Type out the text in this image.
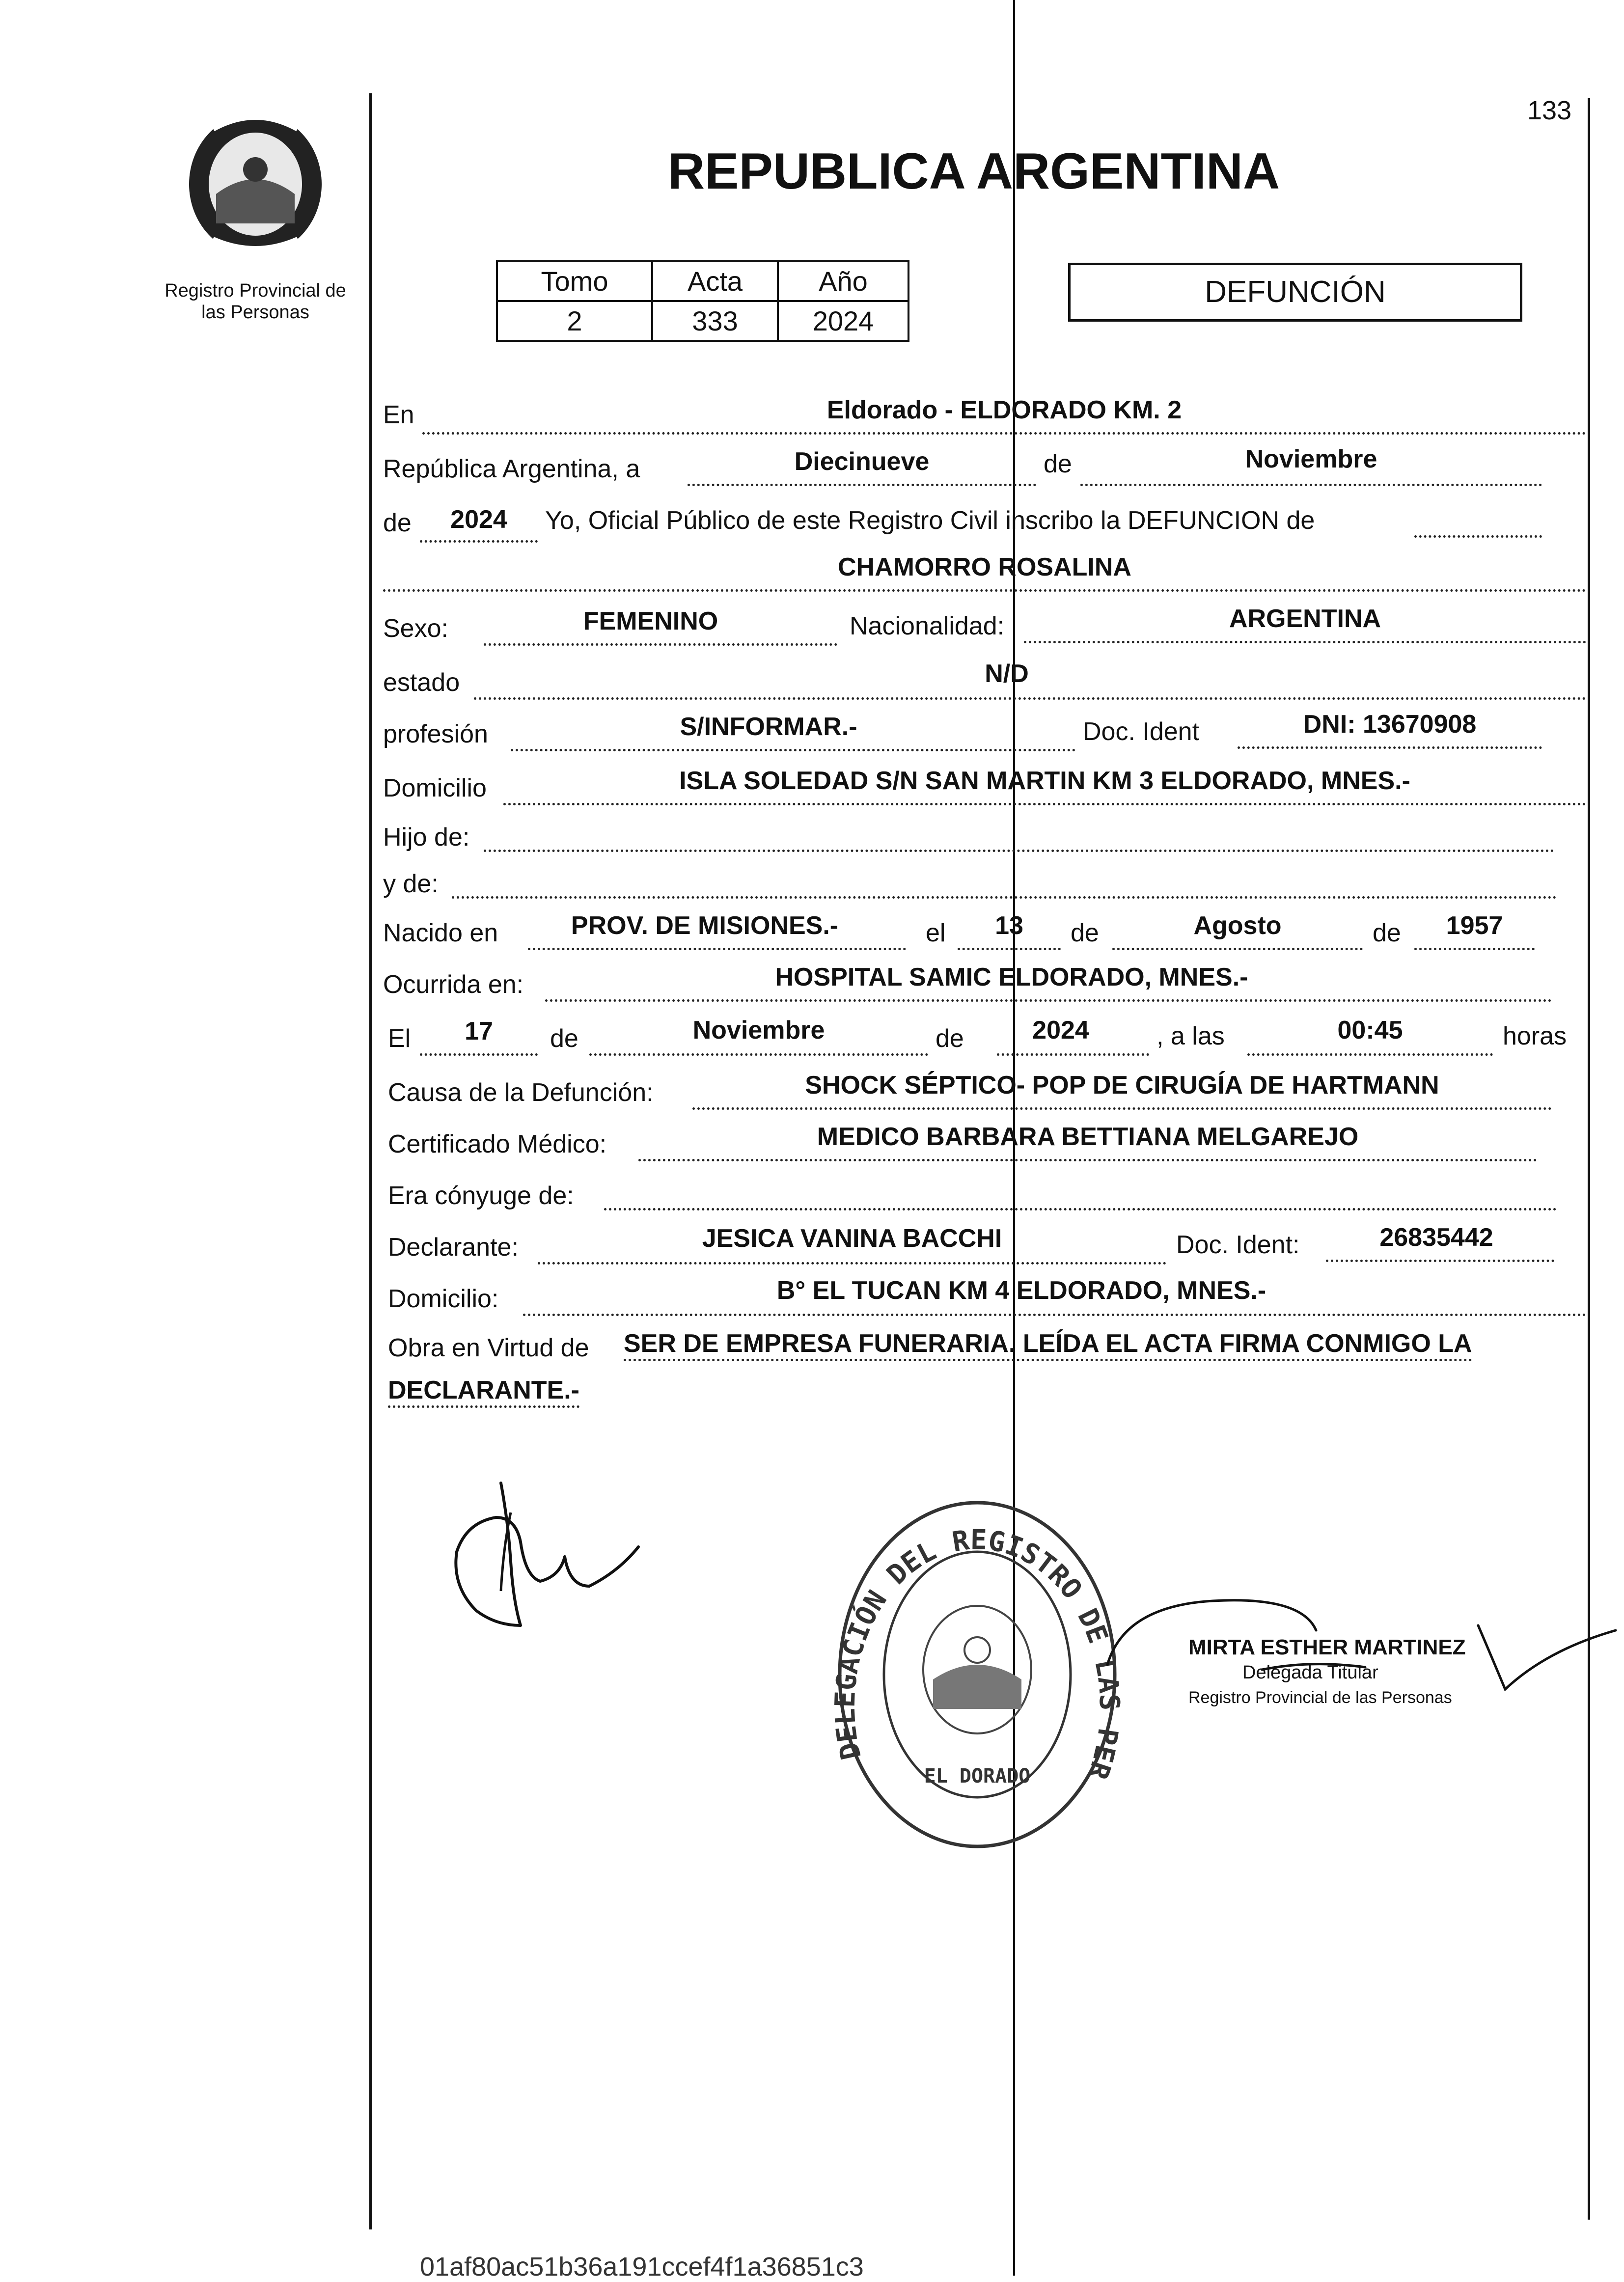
133
Registro Provincial de
las Personas
REPUBLICA ARGENTINA
Tomo	Acta	Año
2	333	2024
DEFUNCIÓN
En	Eldorado - ELDORADO KM. 2
República Argentina, a	Diecinueve	de	Noviembre
de	2024	Yo, Oficial Público de este Registro Civil inscribo la DEFUNCION de
CHAMORRO ROSALINA
Sexo:	FEMENINO	Nacionalidad:	ARGENTINA
estado	N/D
profesión	S/INFORMAR.-	Doc. Ident	DNI: 13670908
Domicilio	ISLA SOLEDAD S/N SAN MARTIN KM 3 ELDORADO, MNES.-
Hijo de:
y de:
Nacido en	PROV. DE MISIONES.-	el	13	de	Agosto	de	1957
Ocurrida en:	HOSPITAL SAMIC ELDORADO, MNES.-
El	17	de	Noviembre	de	2024	, a las	00:45	horas
Causa de la Defunción:	SHOCK SÉPTICO- POP DE CIRUGÍA DE HARTMANN
Certificado Médico:	MEDICO BARBARA BETTIANA MELGAREJO
Era cónyuge de:
Declarante:	JESICA VANINA BACCHI	Doc. Ident:	26835442
Domicilio:	B° EL TUCAN KM 4 ELDORADO, MNES.-
Obra en Virtud de SER DE EMPRESA FUNERARIA. LEÍDA EL ACTA FIRMA CONMIGO LA
DECLARANTE.-
DELEGACIÓN DEL REGISTRO DE LAS PER
EL DORADO
MIRTA ESTHER MARTINEZ
Delegada Titular
Registro Provincial de las Personas
01af80ac51b36a191ccef4f1a36851c3
